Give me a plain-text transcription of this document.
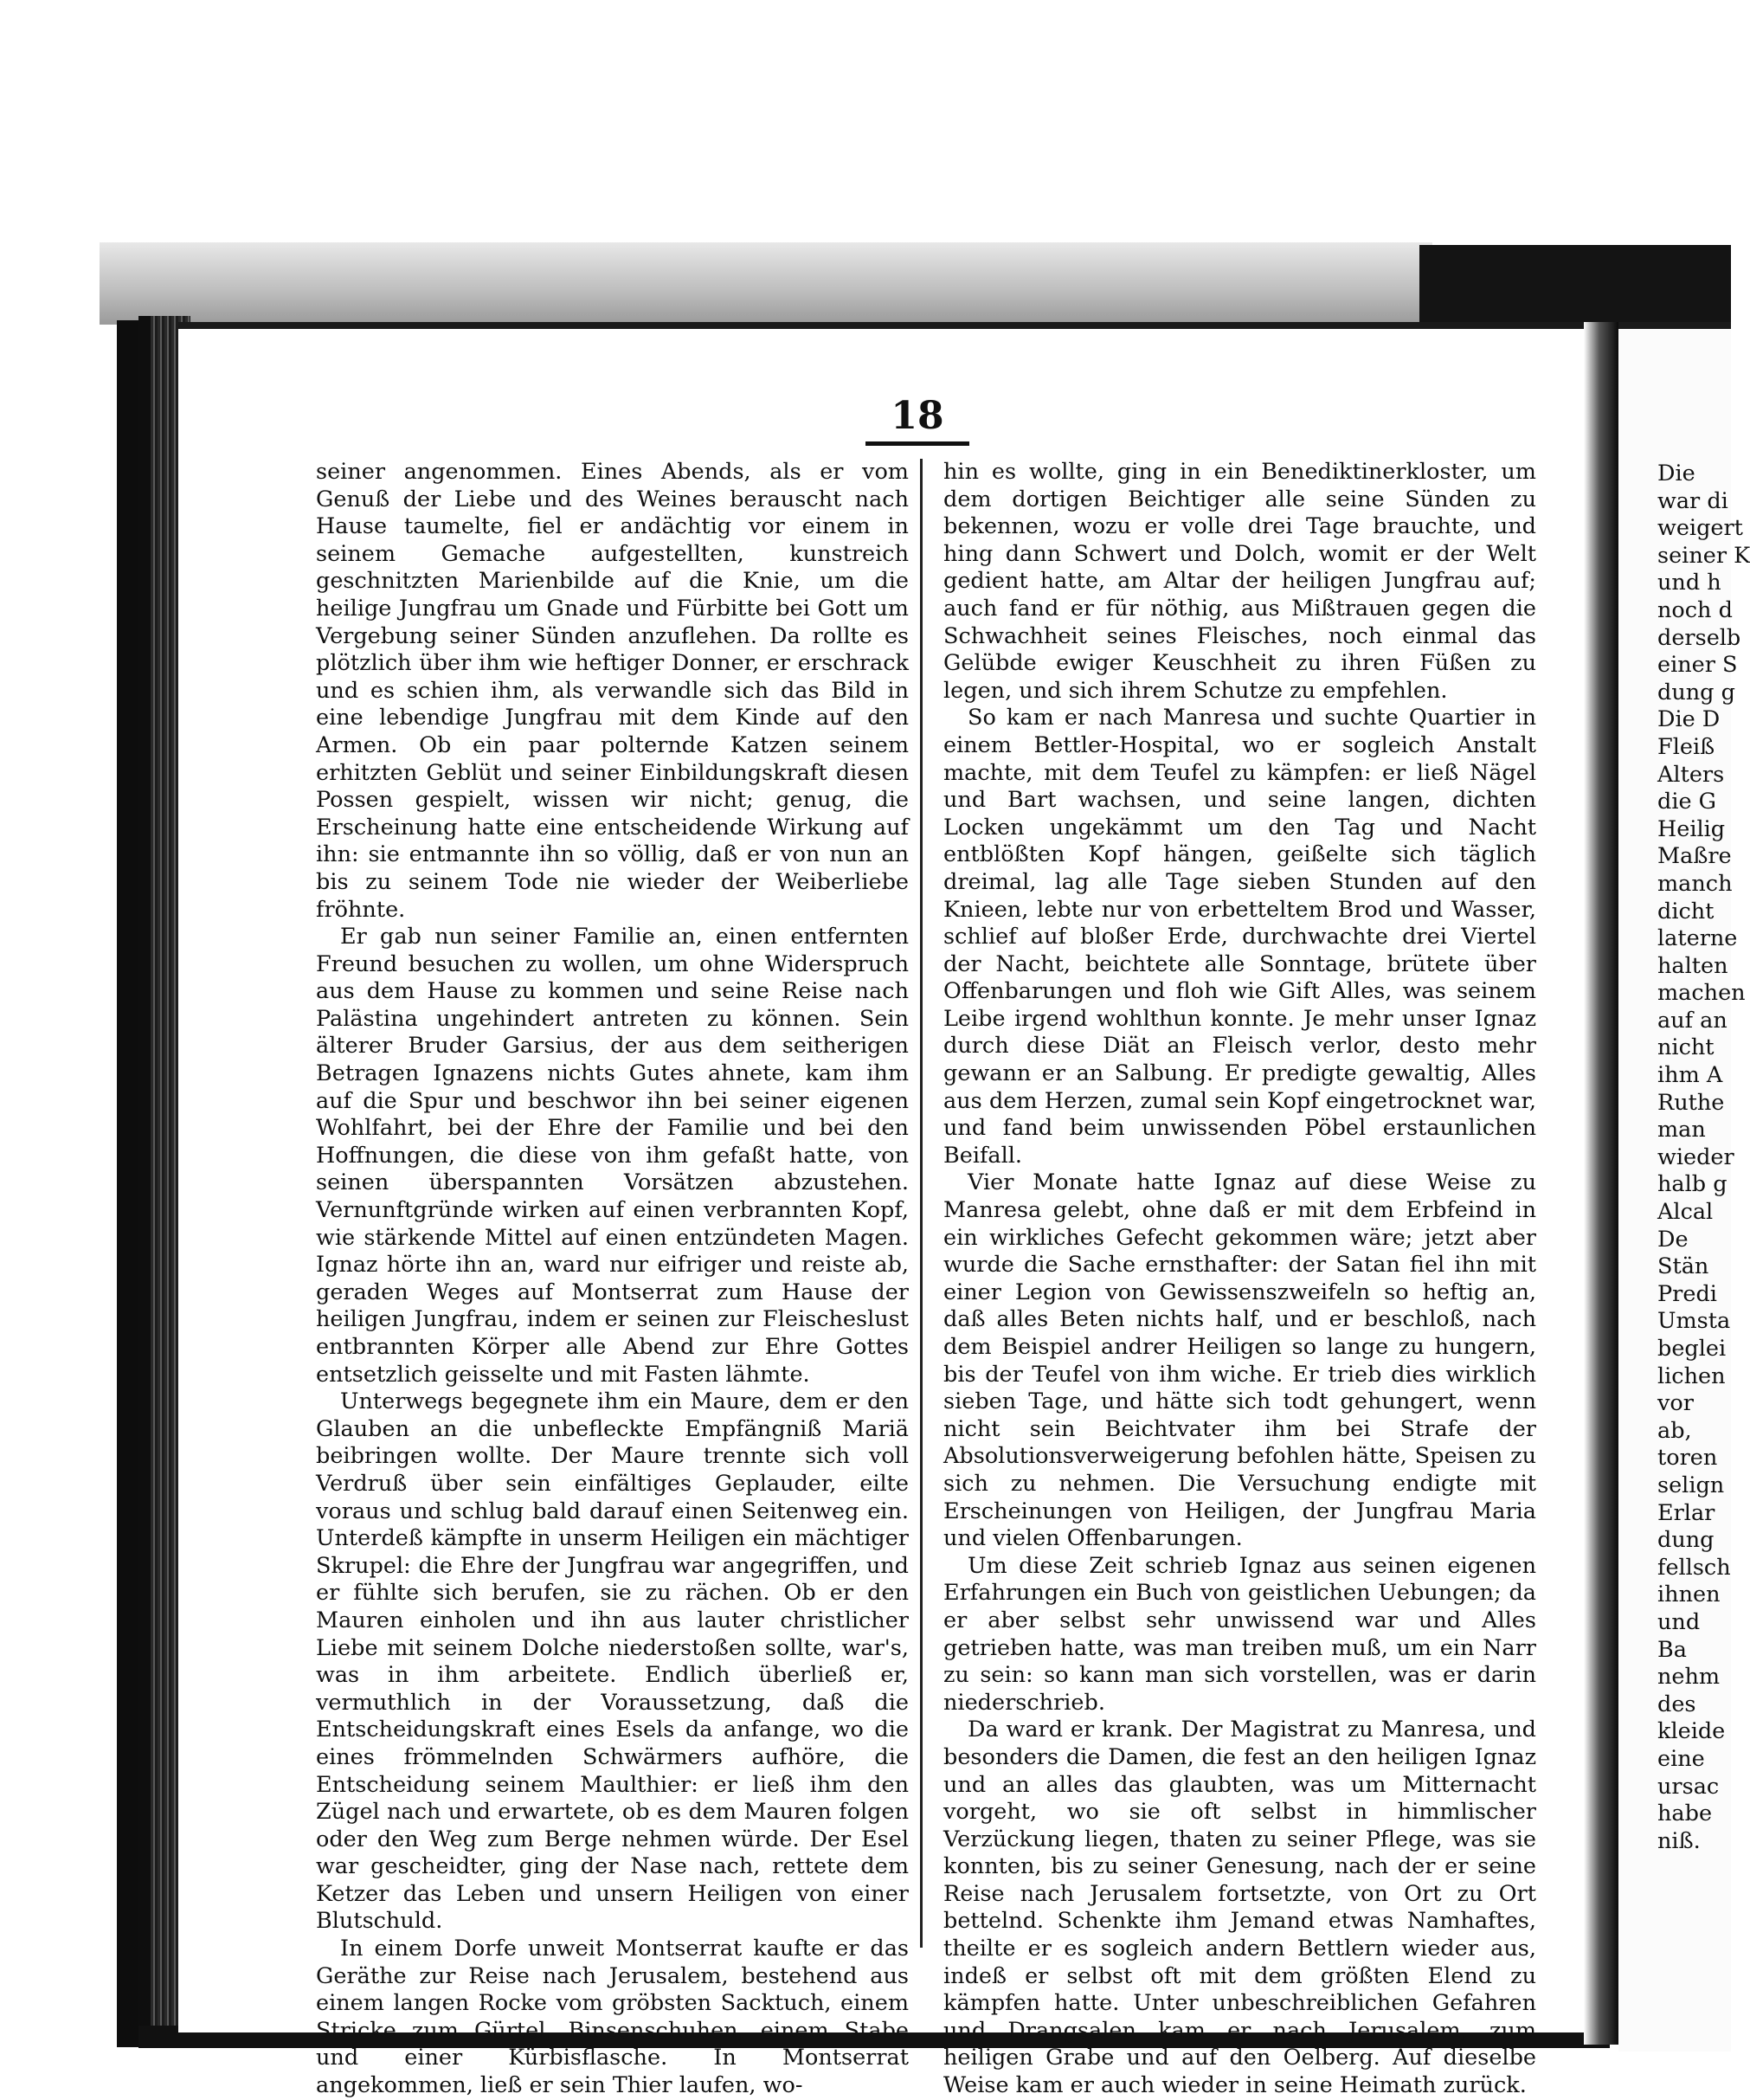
18

seiner angenommen. Eines Abends, als er vom Genuß der Liebe und des Weines berauscht nach Hause taumelte, fiel er andächtig vor einem in seinem Gemache aufgestellten, kunstreich geschnitzten Marienbilde auf die Knie, um die heilige Jungfrau um Gnade und Fürbitte bei Gott um Vergebung seiner Sünden anzuflehen. Da rollte es plötzlich über ihm wie heftiger Donner, er erschrack und es schien ihm, als verwandle sich das Bild in eine lebendige Jungfrau mit dem Kinde auf den Armen. Ob ein paar polternde Katzen seinem erhitzten Geblüt und seiner Einbildungskraft diesen Possen gespielt, wissen wir nicht; genug, die Erscheinung hatte eine entscheidende Wirkung auf ihn: sie entmannte ihn so völlig, daß er von nun an bis zu seinem Tode nie wieder der Weiberliebe fröhnte.

Er gab nun seiner Familie an, einen entfernten Freund besuchen zu wollen, um ohne Widerspruch aus dem Hause zu kommen und seine Reise nach Palästina ungehindert antreten zu können. Sein älterer Bruder Garsius, der aus dem seitherigen Betragen Ignazens nichts Gutes ahnete, kam ihm auf die Spur und beschwor ihn bei seiner eigenen Wohlfahrt, bei der Ehre der Familie und bei den Hoffnungen, die diese von ihm gefaßt hatte, von seinen überspannten Vorsätzen abzustehen. Vernunftgründe wirken auf einen verbrannten Kopf, wie stärkende Mittel auf einen entzündeten Magen. Ignaz hörte ihn an, ward nur eifriger und reiste ab, geraden Weges auf Montserrat zum Hause der heiligen Jungfrau, indem er seinen zur Fleischeslust entbrannten Körper alle Abend zur Ehre Gottes entsetzlich geisselte und mit Fasten lähmte.

Unterwegs begegnete ihm ein Maure, dem er den Glauben an die unbefleckte Empfängniß Mariä beibringen wollte. Der Maure trennte sich voll Verdruß über sein einfältiges Geplauder, eilte voraus und schlug bald darauf einen Seitenweg ein. Unterdeß kämpfte in unserm Heiligen ein mächtiger Skrupel: die Ehre der Jungfrau war angegriffen, und er fühlte sich berufen, sie zu rächen. Ob er den Mauren einholen und ihn aus lauter christlicher Liebe mit seinem Dolche niederstoßen sollte, war's, was in ihm arbeitete. Endlich überließ er, vermuthlich in der Voraussetzung, daß die Entscheidungskraft eines Esels da anfange, wo die eines frömmelnden Schwärmers aufhöre, die Entscheidung seinem Maulthier: er ließ ihm den Zügel nach und erwartete, ob es dem Mauren folgen oder den Weg zum Berge nehmen würde. Der Esel war gescheidter, ging der Nase nach, rettete dem Ketzer das Leben und unsern Heiligen von einer Blutschuld.

In einem Dorfe unweit Montserrat kaufte er das Geräthe zur Reise nach Jerusalem, bestehend aus einem langen Rocke vom gröbsten Sacktuch, einem Stricke zum Gürtel, Binsenschuhen, einem Stabe und einer Kürbisflasche. In Montserrat angekommen, ließ er sein Thier laufen, wo-

hin es wollte, ging in ein Benediktinerkloster, um dem dortigen Beichtiger alle seine Sünden zu bekennen, wozu er volle drei Tage brauchte, und hing dann Schwert und Dolch, womit er der Welt gedient hatte, am Altar der heiligen Jungfrau auf; auch fand er für nöthig, aus Mißtrauen gegen die Schwachheit seines Fleisches, noch einmal das Gelübde ewiger Keuschheit zu ihren Füßen zu legen, und sich ihrem Schutze zu empfehlen.

So kam er nach Manresa und suchte Quartier in einem Bettler-Hospital, wo er sogleich Anstalt machte, mit dem Teufel zu kämpfen: er ließ Nägel und Bart wachsen, und seine langen, dichten Locken ungekämmt um den Tag und Nacht entblößten Kopf hängen, geißelte sich täglich dreimal, lag alle Tage sieben Stunden auf den Knieen, lebte nur von erbetteltem Brod und Wasser, schlief auf bloßer Erde, durchwachte drei Viertel der Nacht, beichtete alle Sonntage, brütete über Offenbarungen und floh wie Gift Alles, was seinem Leibe irgend wohlthun konnte. Je mehr unser Ignaz durch diese Diät an Fleisch verlor, desto mehr gewann er an Salbung. Er predigte gewaltig, Alles aus dem Herzen, zumal sein Kopf eingetrocknet war, und fand beim unwissenden Pöbel erstaunlichen Beifall.

Vier Monate hatte Ignaz auf diese Weise zu Manresa gelebt, ohne daß er mit dem Erbfeind in ein wirkliches Gefecht gekommen wäre; jetzt aber wurde die Sache ernsthafter: der Satan fiel ihn mit einer Legion von Gewissenszweifeln so heftig an, daß alles Beten nichts half, und er beschloß, nach dem Beispiel andrer Heiligen so lange zu hungern, bis der Teufel von ihm wiche. Er trieb dies wirklich sieben Tage, und hätte sich todt gehungert, wenn nicht sein Beichtvater ihm bei Strafe der Absolutionsverweigerung befohlen hätte, Speisen zu sich zu nehmen. Die Versuchung endigte mit Erscheinungen von Heiligen, der Jungfrau Maria und vielen Offenbarungen.

Um diese Zeit schrieb Ignaz aus seinen eigenen Erfahrungen ein Buch von geistlichen Uebungen; da er aber selbst sehr unwissend war und Alles getrieben hatte, was man treiben muß, um ein Narr zu sein: so kann man sich vorstellen, was er darin niederschrieb.

Da ward er krank. Der Magistrat zu Manresa, und besonders die Damen, die fest an den heiligen Ignaz und an alles das glaubten, was um Mitternacht vorgeht, wo sie oft selbst in himmlischer Verzückung liegen, thaten zu seiner Pflege, was sie konnten, bis zu seiner Genesung, nach der er seine Reise nach Jerusalem fortsetzte, von Ort zu Ort bettelnd. Schenkte ihm Jemand etwas Namhaftes, theilte er es sogleich andern Bettlern wieder aus, indeß er selbst oft mit dem größten Elend zu kämpfen hatte. Unter unbeschreiblichen Gefahren und Drangsalen kam er nach Jerusalem, zum heiligen Grabe und auf den Oelberg. Auf dieselbe Weise kam er auch wieder in seine Heimath zurück.

Die
war di
weigert
seiner K
und h
noch d
derselb
einer S
dung g
Die D
Fleiß
Alters
die G
Heilig
Maßre
manch
dicht
laterne
halten
machen
auf an
nicht
ihm A
Ruthe
man
wieder
halb g
Alcal
De
Stän
Predi
Umsta
beglei
lichen
vor
ab,
toren
selign
Erlar
dung
fellsch
ihnen
und
Ba
nehm
des
kleide
eine
ursac
habe
niß.
